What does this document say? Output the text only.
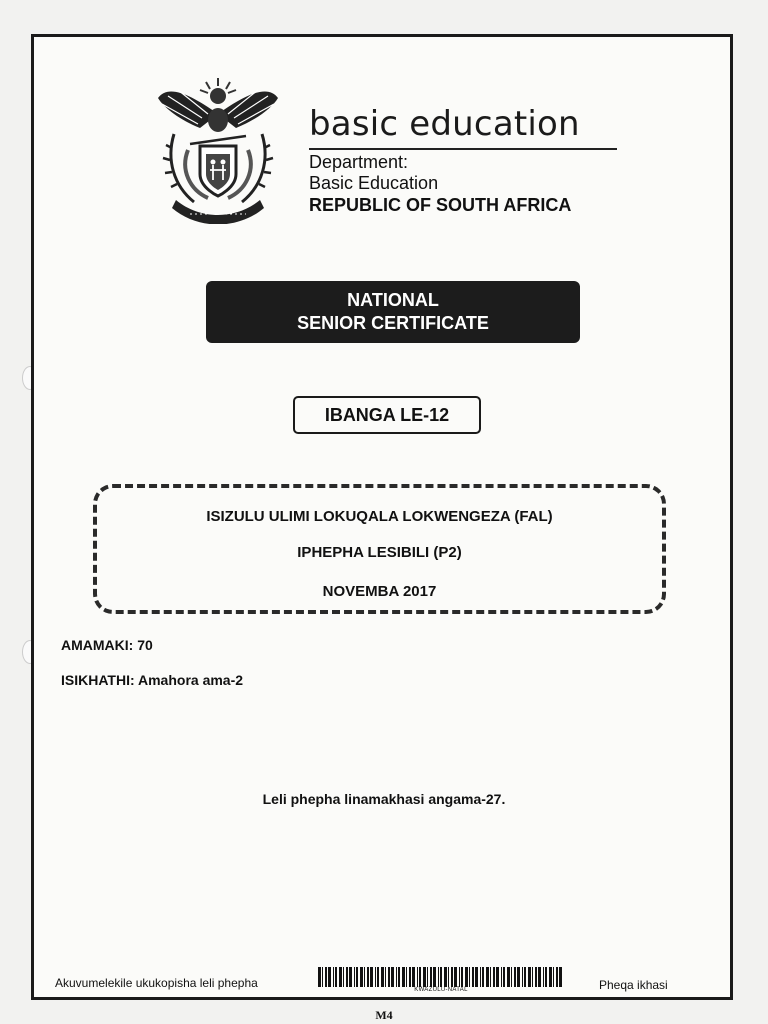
basic education
Department:
Basic Education
REPUBLIC OF SOUTH AFRICA
NATIONAL
SENIOR CERTIFICATE
IBANGA LE-12
ISIZULU ULIMI LOKUQALA LOKWENGEZA (FAL)
IPHEPHA LESIBILI (P2)
NOVEMBA 2017
AMAMAKI: 70
ISIKHATHI: Amahora ama-2
Leli phepha linamakhasi angama-27.
Akuvumelekile ukukopisha leli phepha	KWAZULU-NATAL	Pheqa ikhasi
M4
